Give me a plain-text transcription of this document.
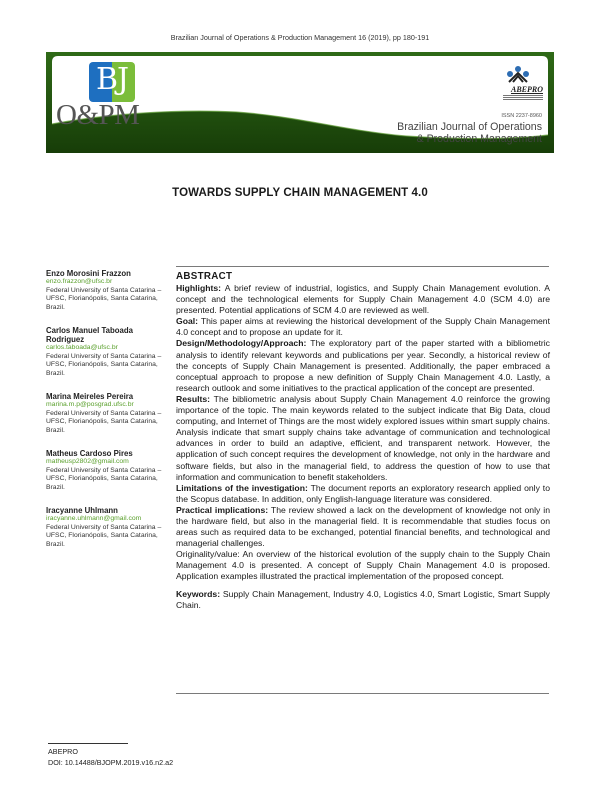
Brazilian Journal of Operations & Production Management 16 (2019), pp 180-191
BJ
O&PM
ABEPRO
ISSN 2237-8960
Brazilian Journal of Operations
& Production Management
TOWARDS SUPPLY CHAIN MANAGEMENT 4.0
Enzo Morosini Frazzon
enzo.frazzon@ufsc.br
Federal University of Santa Catarina – UFSC, Florianópolis, Santa Catarina, Brazil.
Carlos Manuel Taboada Rodriguez
carlos.taboada@ufsc.br
Federal University of Santa Catarina – UFSC, Florianópolis, Santa Catarina, Brazil.
Marina Meireles Pereira
marina.m.p@posgrad.ufsc.br
Federal University of Santa Catarina – UFSC, Florianópolis, Santa Catarina, Brazil.
Matheus Cardoso Pires
matheusp2802@gmail.com
Federal University of Santa Catarina – UFSC, Florianópolis, Santa Catarina, Brazil.
Iracyanne Uhlmann
iracyanne.uhlmann@gmail.com
Federal University of Santa Catarina – UFSC, Florianópolis, Santa Catarina, Brazil.
ABSTRACT

Highlights: A brief review of industrial, logistics, and Supply Chain Management evolution. A concept and the technological elements for Supply Chain Management 4.0 (SCM 4.0) are presented. Potential applications of SCM 4.0 are reviewed as well.

Goal: This paper aims at reviewing the historical development of the Supply Chain Management 4.0 concept and to propose an update for it.

Design/Methodology/Approach: The exploratory part of the paper started with a bibliometric analysis to identify relevant keywords and publications per year. Secondly, a historical review of the concepts of Supply Chain Management is presented. Additionally, the paper embraced a conceptual approach to propose a new definition of Supply Chain Management 4.0. Lastly, a research outlook and some initiatives to the practical application of the concept are presented.

Results: The bibliometric analysis about Supply Chain Management 4.0 reinforce the growing importance of the topic. The main keywords related to the subject indicate that Big Data, cloud computing, and Internet of Things are the most widely explored issues within smart supply chains. Analysis indicate that smart supply chains take advantage of communication and technological advances in order to build an adaptive, efficient, and transparent network. However, the application of such concept requires the development of knowledge, not only in the hardware and software fields, but also in the managerial field, to address the question of how to use that information and communication to benefit stakeholders.

Limitations of the investigation: The document reports an exploratory research applied only to the Scopus database. In addition, only English-language literature was considered.

Practical implications: The review showed a lack on the development of knowledge not only in the hardware field, but also in the managerial field. It is recommendable that studies focus on areas such as required data to be exchanged, potential financial benefits, and technological and managerial challenges.

Originality/value: An overview of the historical evolution of the supply chain to the Supply Chain Management 4.0 is presented. A concept of Supply Chain Management 4.0 is proposed. Application examples illustrated the practical implementation of the proposed concept.

Keywords: Supply Chain Management, Industry 4.0, Logistics 4.0, Smart Logistic, Smart Supply Chain.

ABEPRO
DOI: 10.14488/BJOPM.2019.v16.n2.a2
